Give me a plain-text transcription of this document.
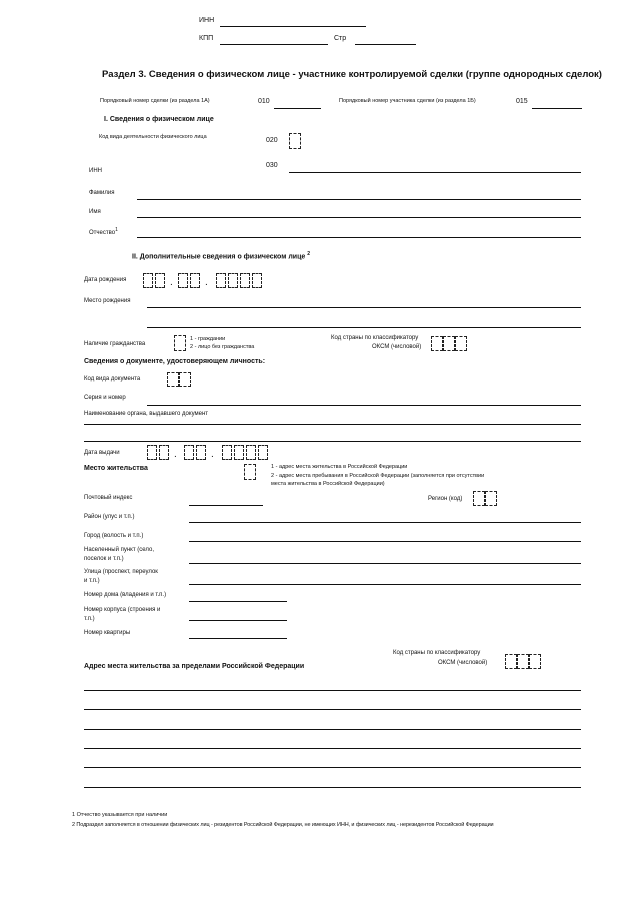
ИНН
КПП	Стр
Раздел 3. Сведения о физическом лице - участнике контролируемой сделки (группе однородных сделок)
Порядковый номер сделки (из раздела 1А)	010	Порядковый номер участника сделки (из раздела 1Б)	015
I. Сведения о физическом лице
Код вида деятельности физического лица	020
030
ИНН
Фамилия
Имя
Отчество$^1$
II. Дополнительные сведения о физическом лице $^2$
Дата рождения	.	.
Место рождения
Наличие гражданства
1 - граждании
2 - лицо без гражданства
Код страны по классификатору
ОКСМ (числовой)
Сведения о документе, удостоверяющем личность:
Код вида документа
Серия и номер
Наименование органа, выдавшего документ
Дата выдачи	.	.
Место жительства	1 - адрес места жительства в Российской Федерации
2 - адрес места пребывания в Российской Федерации (заполняется при отсутствии
места жительства в Российской Федерации)
Почтовый индекс	Регион (код)
Район (улус и т.п.)
Город (волость и т.п.)
Населенный пункт (село,
поселок и т.п.)
Улица (проспект, переулок
и т.п.)
Номер дома (владения и т.п.)
Номер корпуса (строения и
т.п.)
Номер квартиры
Код страны по классификатору
ОКСМ (числовой)
Адрес места жительства за пределами Российской Федерации
1 Отчество указывается при наличии
2 Подраздел заполняется в отношении физических лиц - резидентов Российской Федерации, не имеющих ИНН, и физических лиц - нерезидентов Российской Федерации
